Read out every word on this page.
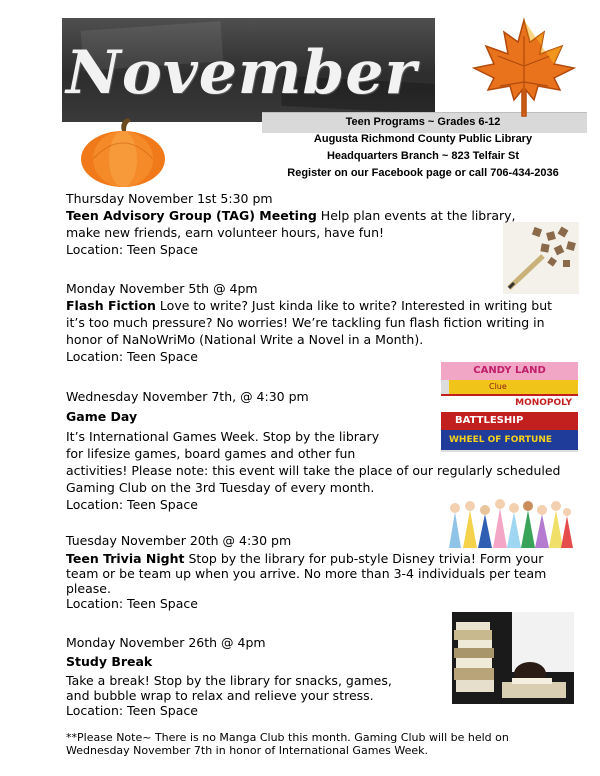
November
Teen Programs ~ Grades 6-12
Augusta Richmond County Public Library
Headquarters Branch ~ 823 Telfair St
Register on our Facebook page or call 706-434-2036
CANDY LAND
Clue
MONOPOLY
BATTLESHIP
WHEEL OF FORTUNE
Thursday November 1st 5:30 pm

Teen Advisory Group (TAG) Meeting Help plan events at the library, make new friends, earn volunteer hours, have fun!

Location: Teen Space
Monday November 5th @ 4pm

Flash Fiction Love to write? Just kinda like to write? Interested in writing but it’s too much pressure? No worries! We’re tackling fun flash fiction writing in honor of NaNoWriMo (National Write a Novel in a Month).

Location: Teen Space
Wednesday November 7th, @ 4:30 pm
Game Day
It’s International Games Week. Stop by the library
for lifesize games, board games and other fun

activities! Please note: this event will take the place of our regularly scheduled Gaming Club on the 3rd Tuesday of every month.

Location: Teen Space
Tuesday November 20th @ 4:30 pm

Teen Trivia Night Stop by the library for pub-style Disney trivia! Form your team or be team up when you arrive. No more than 3-4 individuals per team please.

Location: Teen Space
Monday November 26th @ 4pm
Study Break
Take a break! Stop by the library for snacks, games,
and bubble wrap to relax and relieve your stress.
Location: Teen Space
**Please Note~ There is no Manga Club this month. Gaming Club will be held on Wednesday November 7th in honor of International Games Week.
